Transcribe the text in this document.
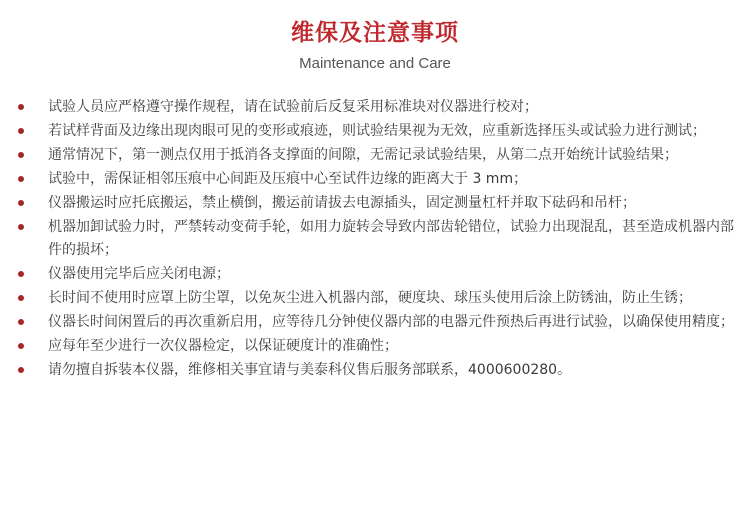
维保及注意事项
Maintenance and Care
试验人员应严格遵守操作规程，请在试验前后反复采用标准块对仪器进行校对；
若试样背面及边缘出现肉眼可见的变形或痕迹，则试验结果视为无效，应重新选择压头或试验力进行测试；
通常情况下，第一测点仅用于抵消各支撑面的间隙，无需记录试验结果，从第二点开始统计试验结果；
试验中，需保证相邻压痕中心间距及压痕中心至试件边缘的距离大于 3 mm；
仪器搬运时应托底搬运，禁止横倒，搬运前请拔去电源插头，固定测量杠杆并取下砝码和吊杆；
机器加卸试验力时，严禁转动变荷手轮，如用力旋转会导致内部齿轮错位，试验力出现混乱，甚至造成机器内部件的损坏；
仪器使用完毕后应关闭电源；
长时间不使用时应罩上防尘罩，以免灰尘进入机器内部，硬度块、球压头使用后涂上防锈油，防止生锈；
仪器长时间闲置后的再次重新启用，应等待几分钟使仪器内部的电器元件预热后再进行试验，以确保使用精度；
应每年至少进行一次仪器检定，以保证硬度计的准确性；
请勿擅自拆装本仪器，维修相关事宜请与美泰科仪售后服务部联系，4000600280。
